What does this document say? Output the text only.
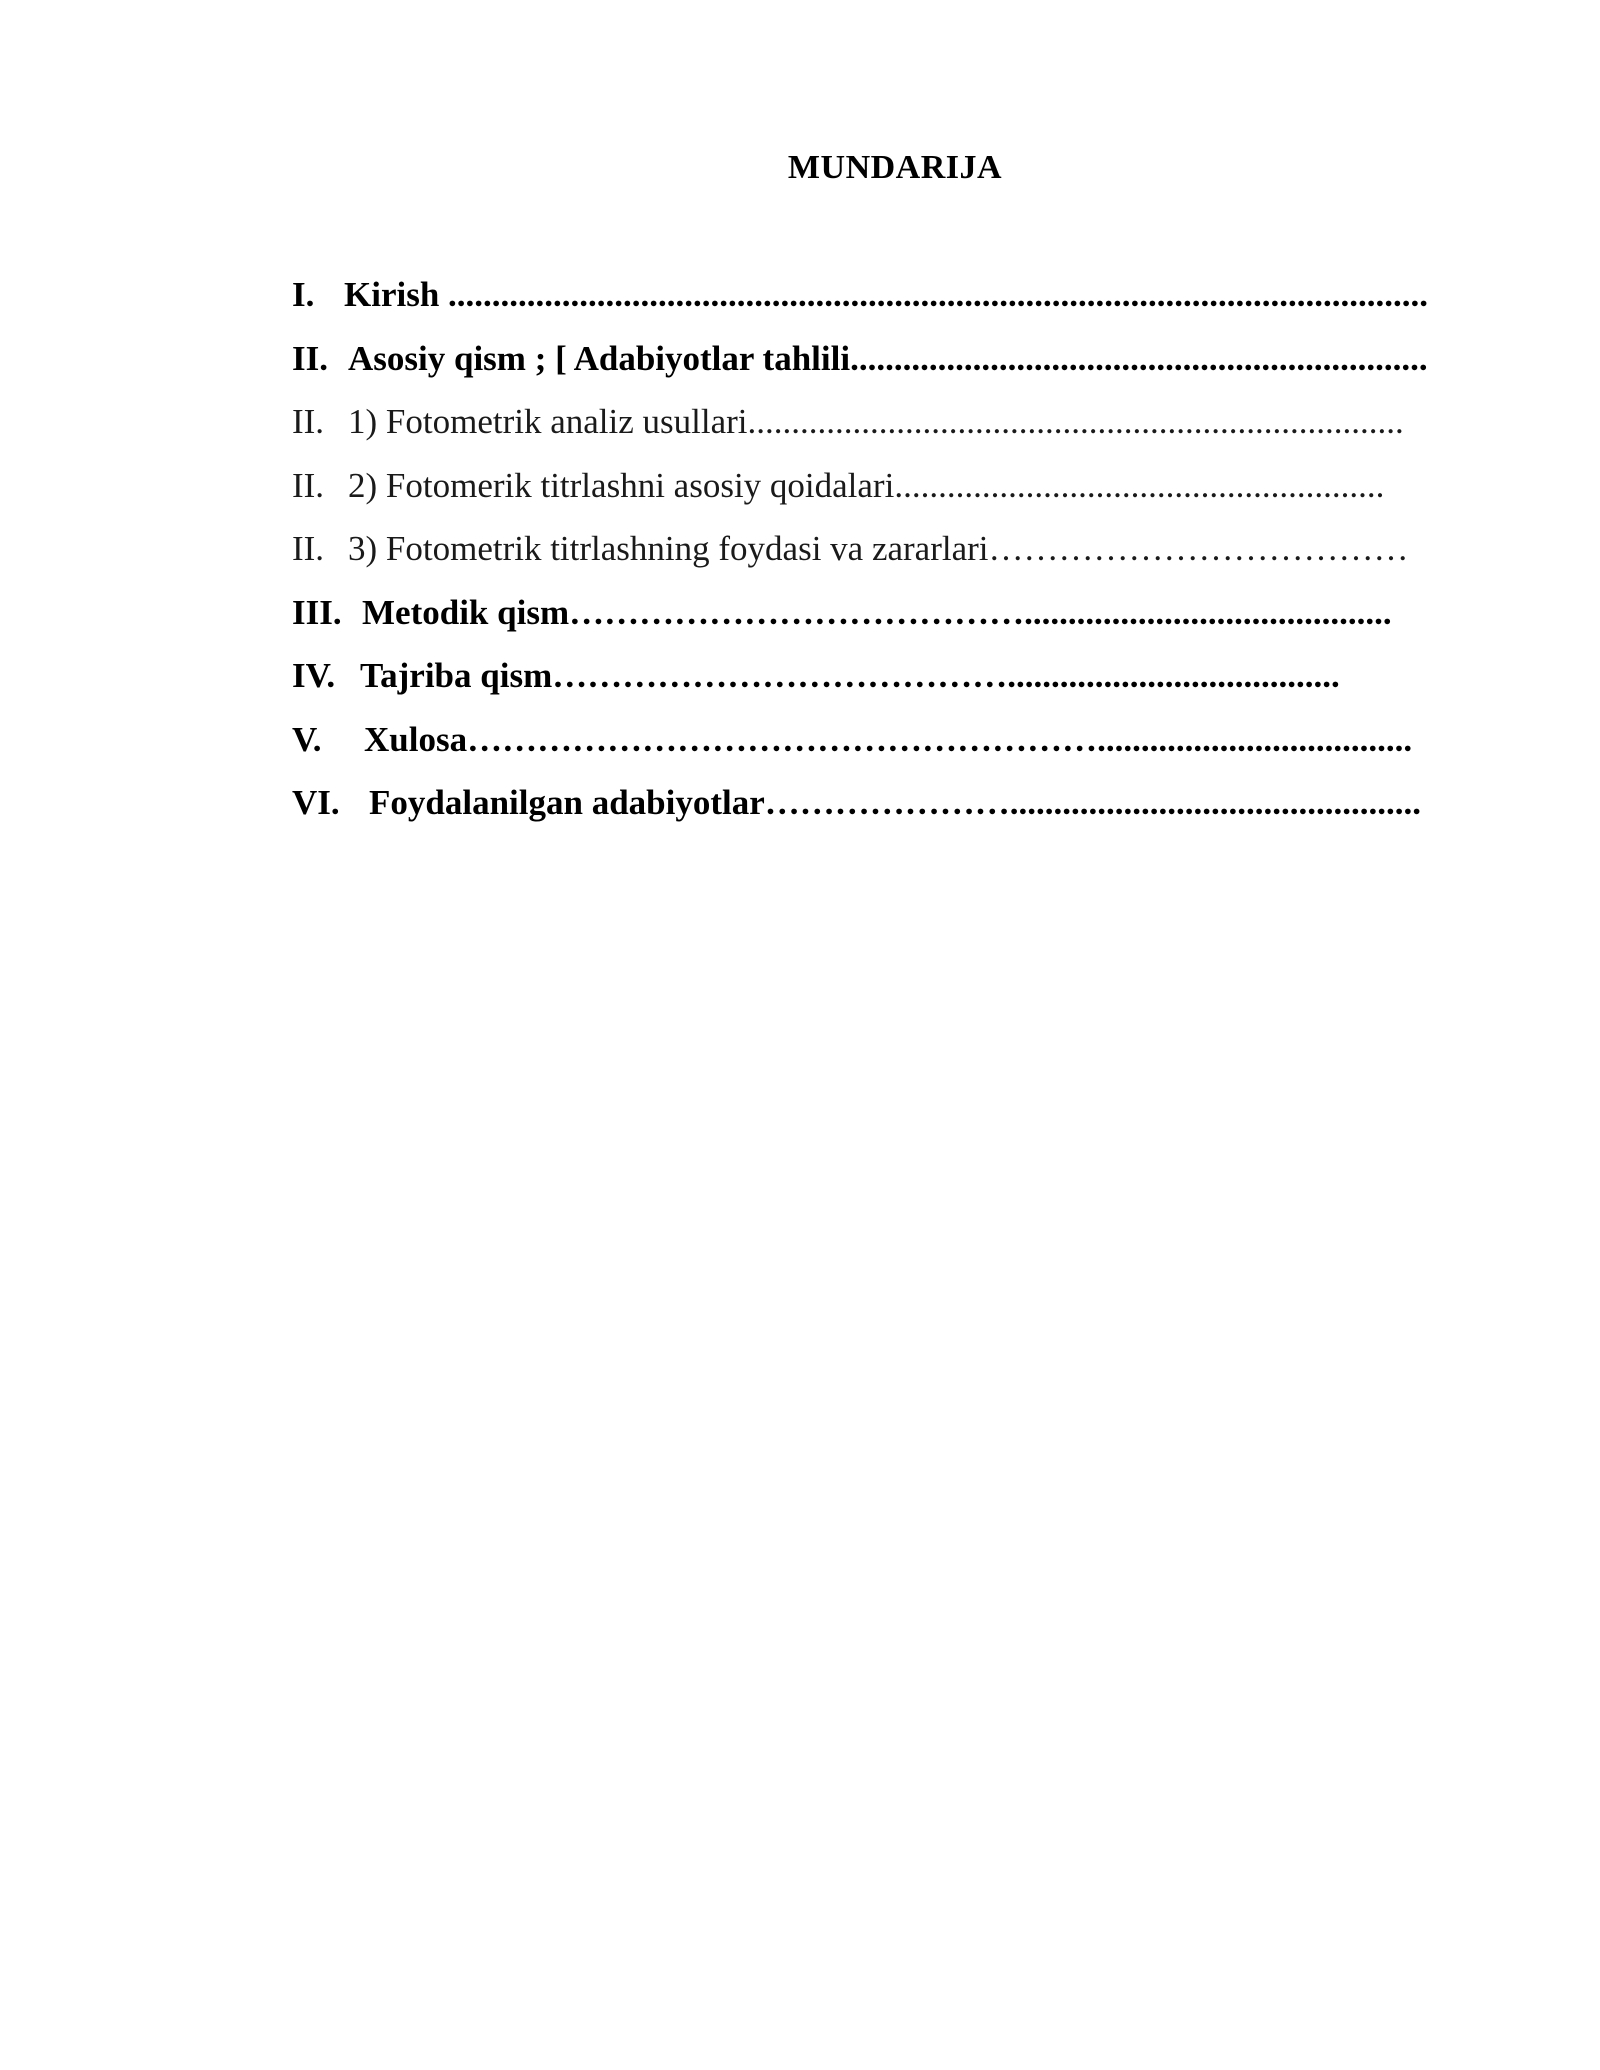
MUNDARIJA
I. Kirish ................................................................................................................
II. Asosiy qism ; [ Adabiyotlar tahlili..................................................................
II. 1) Fotometrik analiz usullari...........................................................................
II. 2) Fotomerik titrlashni asosiy qoidalari........................................................
II. 3) Fotometrik titrlashning foydasi va zararlari………………………………
III. Metodik qism…………………………………..........................................
IV. Tajriba qism…………………………………......................................
V. Xulosa………………………………………………....................................
VI. Foydalanilgan adabiyotlar…………………...............................................
